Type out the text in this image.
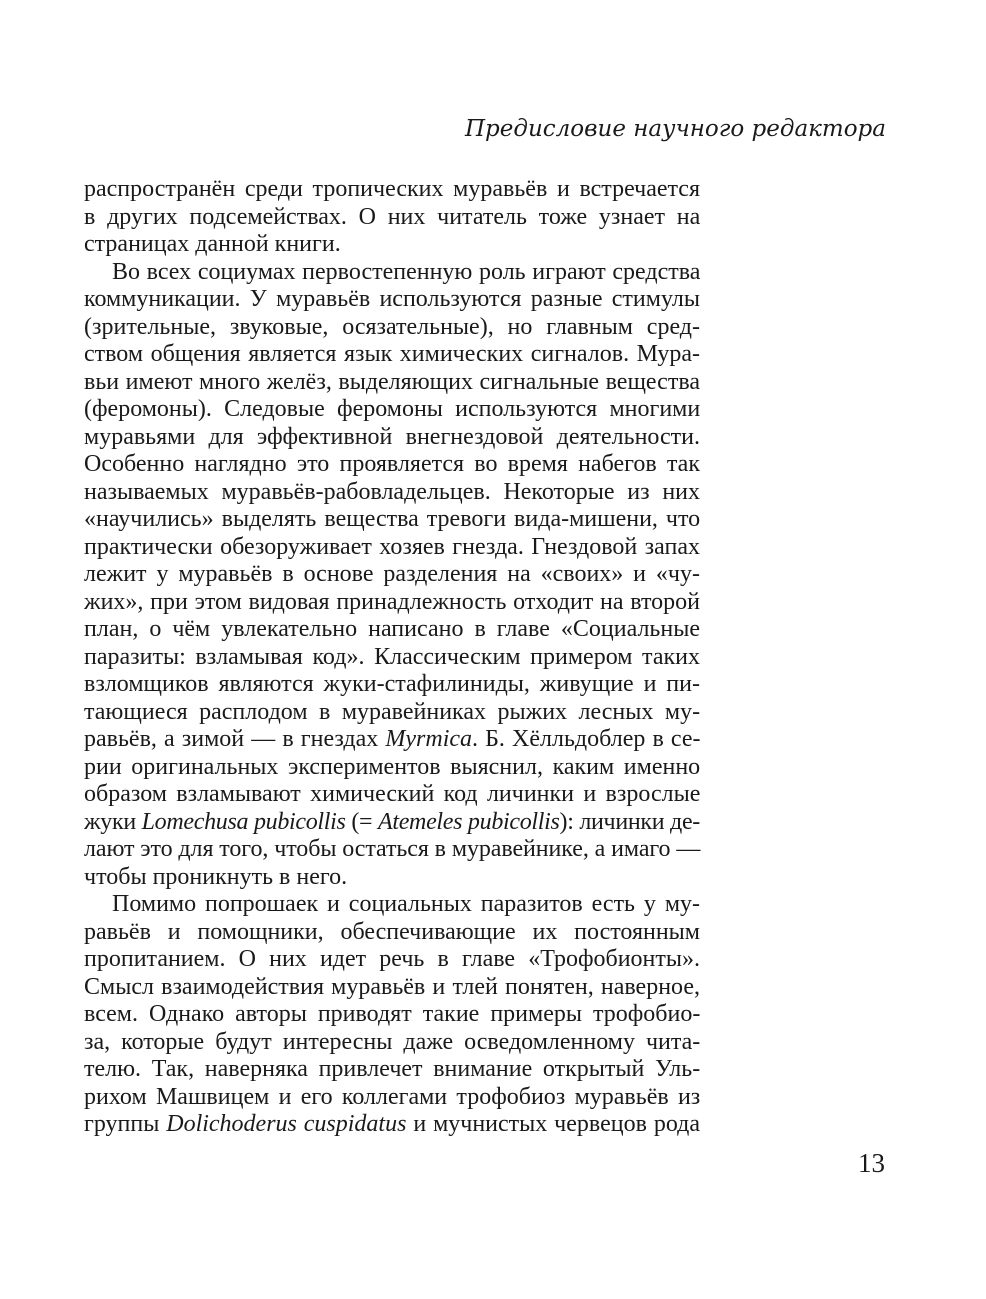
Предисловие научного редактора
распространён среди тропических муравьёв и встречается
в других подсемействах. О них читатель тоже узнает на
страницах данной книги.
Во всех социумах первостепенную роль играют средства
коммуникации. У муравьёв используются разные стимулы
(зрительные, звуковые, осязательные), но главным сред-
ством общения является язык химических сигналов. Мура-
вьи имеют много желёз, выделяющих сигнальные вещества
(феромоны). Следовые феромоны используются многими
муравьями для эффективной внегнездовой деятельности.
Особенно наглядно это проявляется во время набегов так
называемых муравьёв-рабовладельцев. Некоторые из них
«научились» выделять вещества тревоги вида-мишени, что
практически обезоруживает хозяев гнезда. Гнездовой запах
лежит у муравьёв в основе разделения на «своих» и «чу-
жих», при этом видовая принадлежность отходит на второй
план, о чём увлекательно написано в главе «Социальные
паразиты: взламывая код». Классическим примером таких
взломщиков являются жуки-стафилиниды, живущие и пи-
тающиеся расплодом в муравейниках рыжих лесных му-
равьёв, а зимой — в гнездах Myrmica. Б. Хёлльдоблер в се-
рии оригинальных экспериментов выяснил, каким именно
образом взламывают химический код личинки и взрослые
жуки Lomechusa pubicollis (= Atemeles pubicollis): личинки де-
лают это для того, чтобы остаться в муравейнике, а имаго —
чтобы проникнуть в него.
Помимо попрошаек и социальных паразитов есть у му-
равьёв и помощники, обеспечивающие их постоянным
пропитанием. О них идет речь в главе «Трофобионты».
Смысл взаимодействия муравьёв и тлей понятен, наверное,
всем. Однако авторы приводят такие примеры трофобио-
за, которые будут интересны даже осведомленному чита-
телю. Так, наверняка привлечет внимание открытый Уль-
рихом Машвицем и его коллегами трофобиоз муравьёв из
группы Dolichoderus cuspidatus и мучнистых червецов рода
13
